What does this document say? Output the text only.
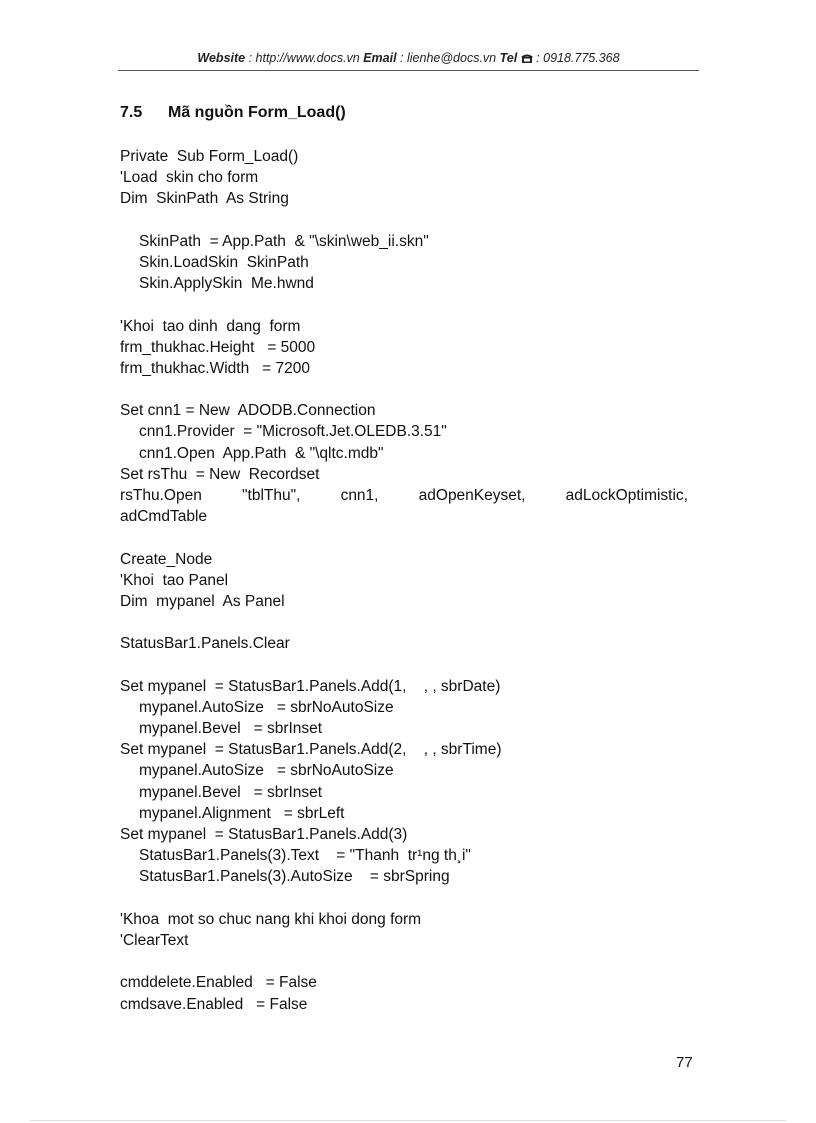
Website : http://www.docs.vn Email : lienhe@docs.vn Tel  : 0918.775.368
7.5 Mã nguồn Form_Load()
Private  Sub Form_Load()
'Load  skin cho form
Dim  SkinPath  As String
SkinPath  = App.Path  & "\skin\web_ii.skn"
Skin.LoadSkin  SkinPath
Skin.ApplySkin  Me.hwnd
'Khoi  tao dinh  dang  form
frm_thukhac.Height   = 5000
frm_thukhac.Width   = 7200
Set cnn1 = New  ADODB.Connection
cnn1.Provider  = "Microsoft.Jet.OLEDB.3.51"
cnn1.Open  App.Path  & "\qltc.mdb"
Set rsThu  = New  Recordset
rsThu.Open	"tblThu",	cnn1,	adOpenKeyset,	adLockOptimistic,
adCmdTable
Create_Node
'Khoi  tao Panel
Dim  mypanel  As Panel
StatusBar1.Panels.Clear
Set mypanel  = StatusBar1.Panels.Add(1,    , , sbrDate)
mypanel.AutoSize   = sbrNoAutoSize
mypanel.Bevel   = sbrInset
Set mypanel  = StatusBar1.Panels.Add(2,    , , sbrTime)
mypanel.AutoSize   = sbrNoAutoSize
mypanel.Bevel   = sbrInset
mypanel.Alignment   = sbrLeft
Set mypanel  = StatusBar1.Panels.Add(3)
StatusBar1.Panels(3).Text    = "Thanh  tr¹ng th¸i"
StatusBar1.Panels(3).AutoSize    = sbrSpring
'Khoa  mot so chuc nang khi khoi dong form
'ClearText
cmddelete.Enabled   = False
cmdsave.Enabled   = False
77
